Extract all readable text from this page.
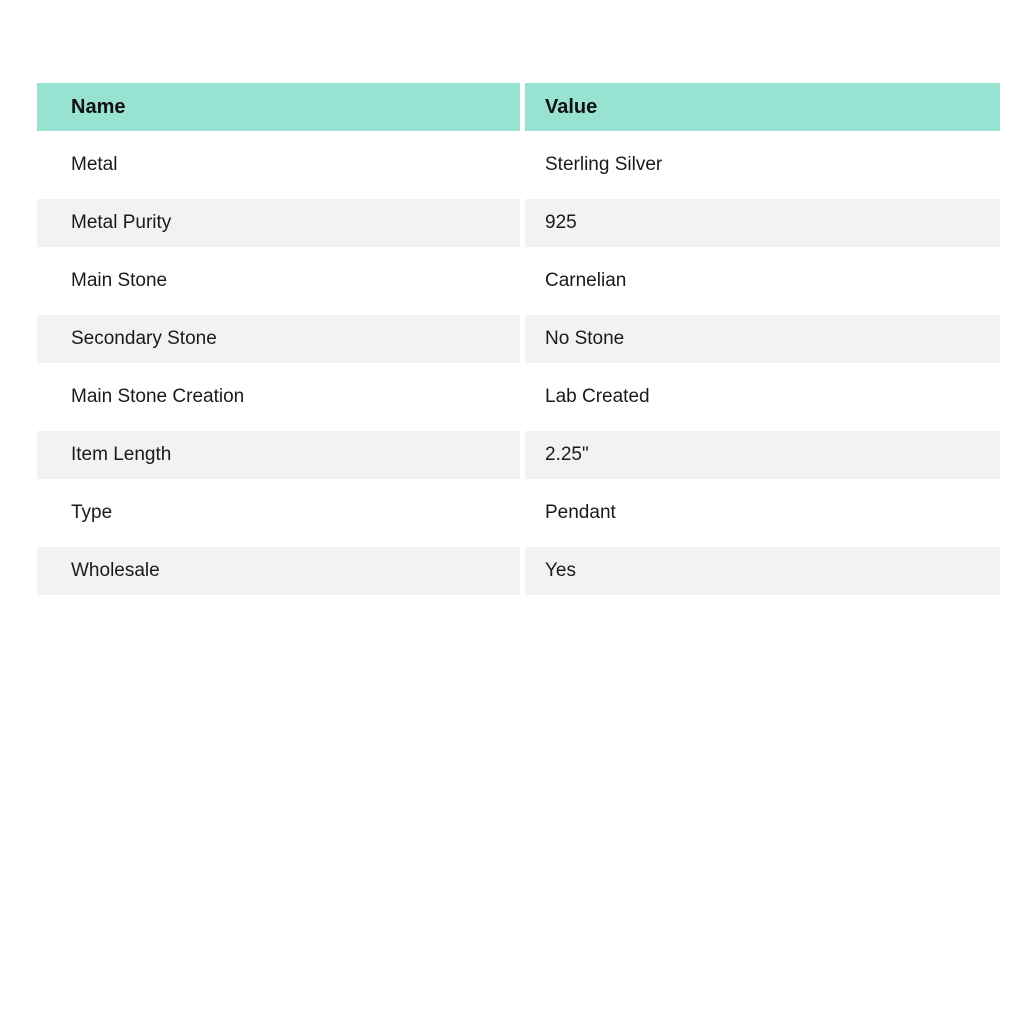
Name	Value
Metal	Sterling Silver
Metal Purity	925
Main Stone	Carnelian
Secondary Stone	No Stone
Main Stone Creation	Lab Created
Item Length	2.25"
Type	Pendant
Wholesale	Yes
